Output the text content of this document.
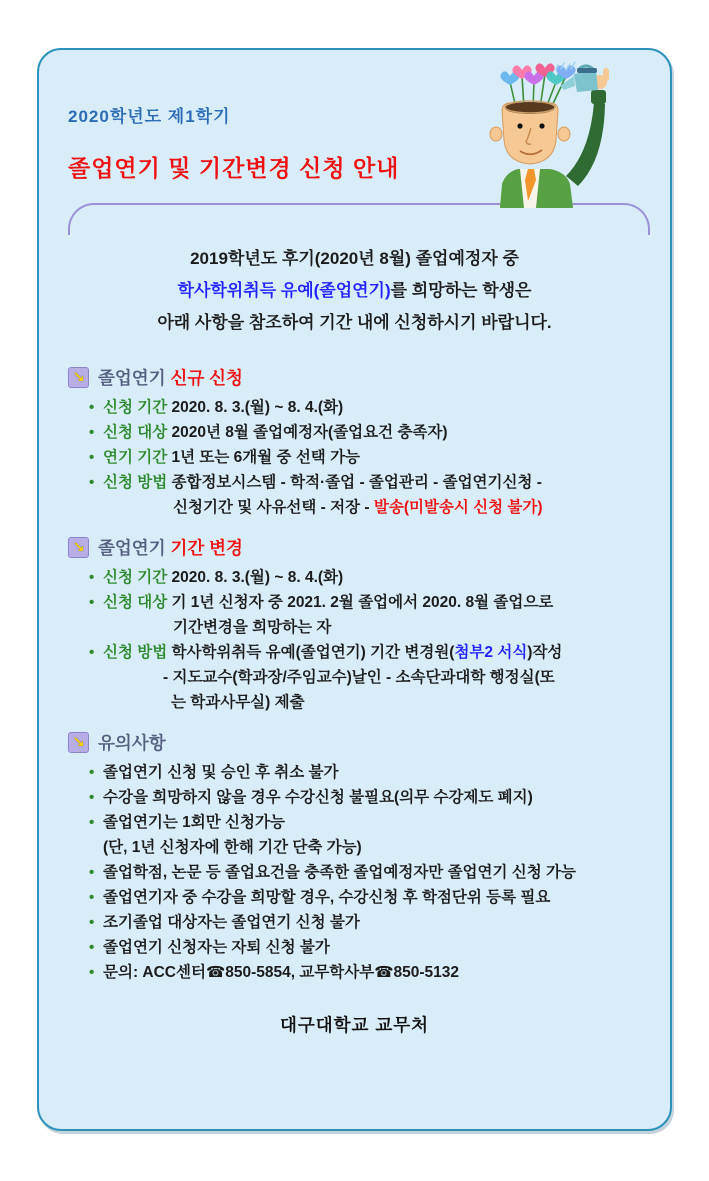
2020학년도 제1학기
졸업연기 및 기간변경 신청 안내
2019학년도 후기(2020년 8월) 졸업예정자 중
학사학위취득 유예(졸업연기)를 희망하는 학생은
아래 사항을 참조하여 기간 내에 신청하시기 바랍니다.
↘
졸업연기 신규 신청
• 신청 기간 2020. 8. 3.(월) ~ 8. 4.(화)
• 신청 대상 2020년 8월 졸업예정자(졸업요건 충족자)
• 연기 기간 1년 또는 6개월 중 선택 가능
• 신청 방법 종합정보시스템 - 학적·졸업 - 졸업관리 - 졸업연기신청 -
신청기간 및 사유선택 - 저장 - 발송(미발송시 신청 불가)
↘
졸업연기 기간 변경
• 신청 기간 2020. 8. 3.(월) ~ 8. 4.(화)
• 신청 대상 기 1년 신청자 중 2021. 2월 졸업에서 2020. 8월 졸업으로
기간변경을 희망하는 자
• 신청 방법 학사학위취득 유예(졸업연기) 기간 변경원(첨부2 서식)작성
- 지도교수(학과장/주임교수)날인 - 소속단과대학 행정실(또
는 학과사무실) 제출
↘
유의사항
• 졸업연기 신청 및 승인 후 취소 불가
• 수강을 희망하지 않을 경우 수강신청 불필요(의무 수강제도 폐지)
• 졸업연기는 1회만 신청가능
(단, 1년 신청자에 한해 기간 단축 가능)
• 졸업학점, 논문 등 졸업요건을 충족한 졸업예정자만 졸업연기 신청 가능
• 졸업연기자 중 수강을 희망할 경우, 수강신청 후 학점단위 등록 필요
• 조기졸업 대상자는 졸업연기 신청 불가
• 졸업연기 신청자는 자퇴 신청 불가
• 문의: ACC센터☎850-5854, 교무학사부☎850-5132
대구대학교 교무처
